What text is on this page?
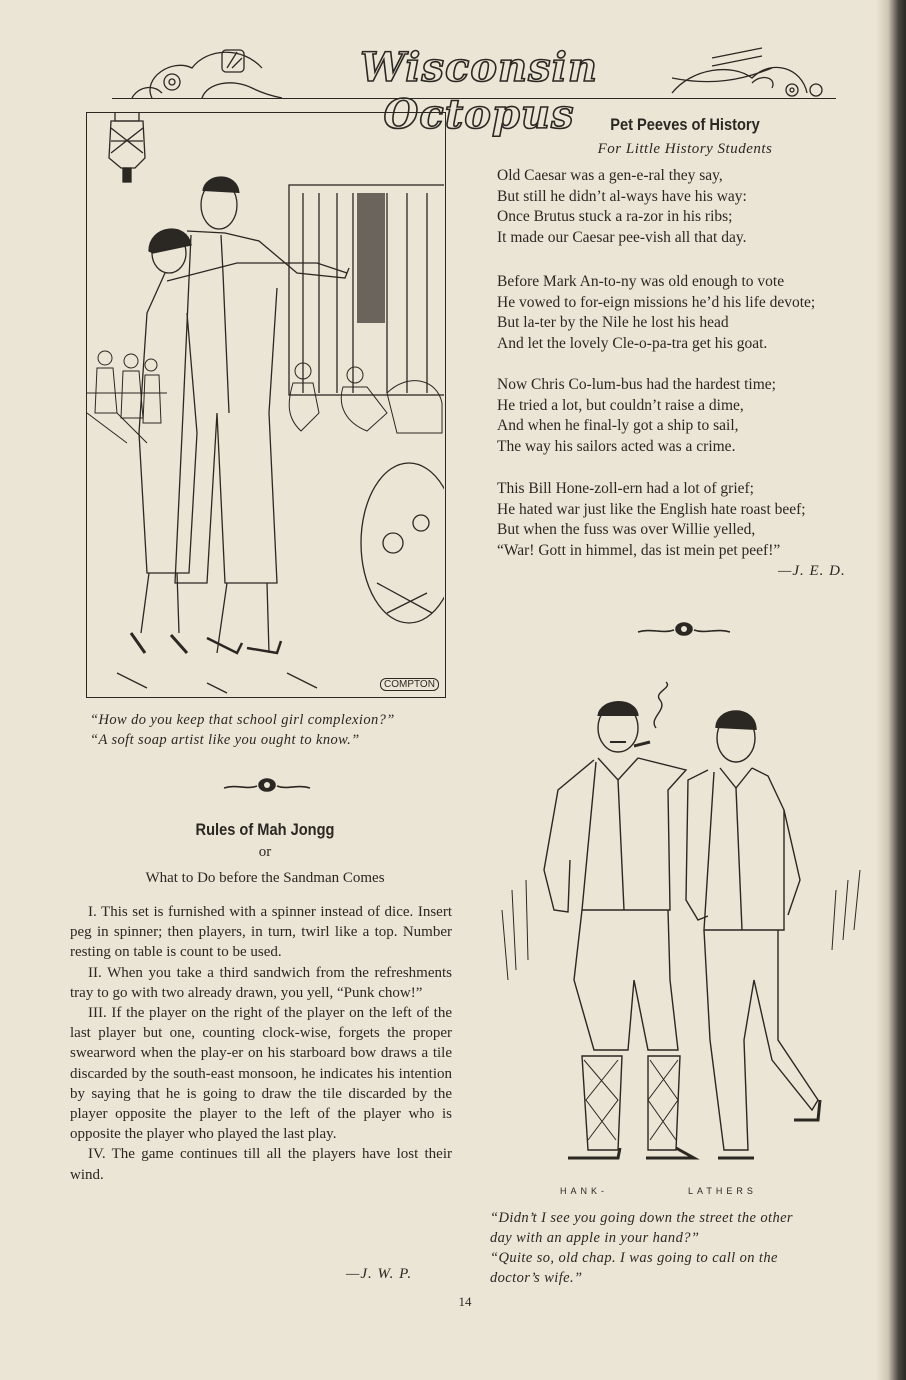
Wisconsin Octopus
COMPTON
“How do you keep that school girl complexion?”
“A soft soap artist like you ought to know.”
Rules of Mah Jongg
or
What to Do before the Sandman Comes

I. This set is furnished with a spinner instead of dice. Insert peg in spinner; then players, in turn, twirl like a top. Number resting on table is count to be used.

II. When you take a third sandwich from the refreshments tray to go with two already drawn, you yell, “Punk chow!”

III. If the player on the right of the player on the left of the last player but one, counting clock-wise, forgets the proper swearword when the play-er on his starboard bow draws a tile discarded by the south-east monsoon, he indicates his intention by saying that he is going to draw the tile discarded by the player opposite the player to the left of the player who is opposite the player who played the last play.

IV. The game continues till all the players have lost their wind.

—J. W. P.
Pet Peeves of History
For Little History Students
Old Caesar was a gen-e-ral they say,
But still he didn’t al-ways have his way:
Once Brutus stuck a ra-zor in his ribs;
It made our Caesar pee-vish all that day.
Before Mark An-to-ny was old enough to vote
He vowed to for-eign missions he’d his life devote;
But la-ter by the Nile he lost his head
And let the lovely Cle-o-pa-tra get his goat.
Now Chris Co-lum-bus had the hardest time;
He tried a lot, but couldn’t raise a dime,
And when he final-ly got a ship to sail,
The way his sailors acted was a crime.
This Bill Hone-zoll-ern had a lot of grief;
He hated war just like the English hate roast beef;
But when the fuss was over Willie yelled,
“War! Gott in himmel, das ist mein pet peef!”
—J. E. D.
HANK-	LATHERS
“Didn’t I see you going down the street the other
day with an apple in your hand?”
“Quite so, old chap. I was going to call on the
doctor’s wife.”
14
